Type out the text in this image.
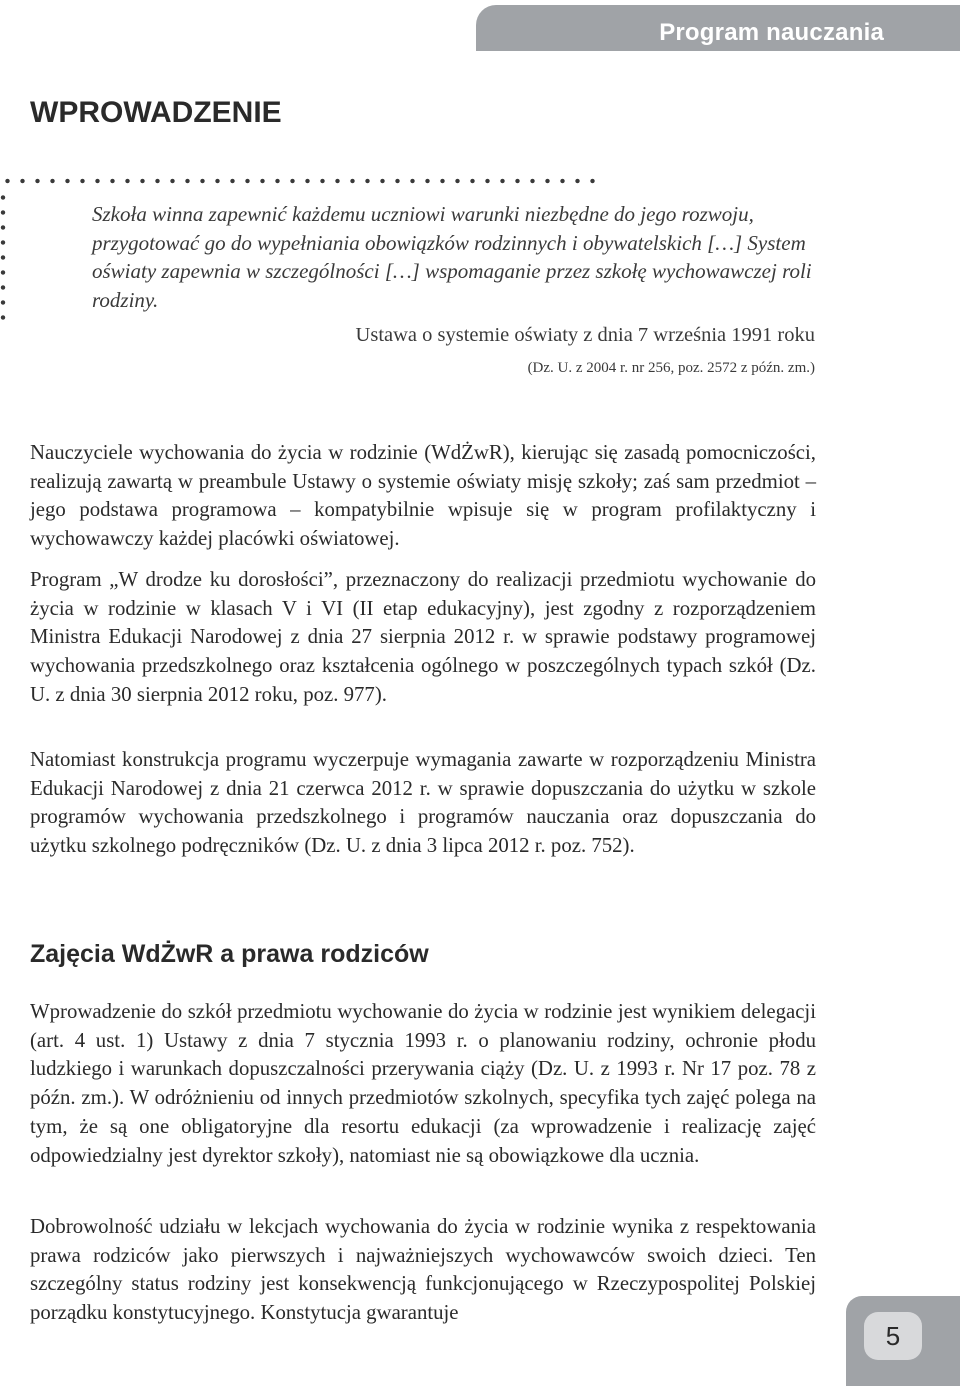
Program nauczania
WPROWADZENIE

Szkoła winna zapewnić każdemu uczniowi warunki niezbędne do jego rozwoju, przygotować go do wypełniania obowiązków rodzinnych i obywatelskich […] System oświaty zapewnia w szczególności […] wspomaganie przez szkołę wychowawczej roli rodziny.

Ustawa o systemie oświaty z dnia 7 września 1991 roku
(Dz. U. z 2004 r. nr 256, poz. 2572 z późn. zm.)

Nauczyciele wychowania do życia w rodzinie (WdŻwR), kierując się zasadą pomocniczości, realizują zawartą w preambule Ustawy o systemie oświaty misję szkoły; zaś sam przedmiot – jego podstawa programowa – kompatybilnie wpisuje się w program profilaktyczny i wychowawczy każdej placówki oświatowej.

Program „W drodze ku dorosłości”, przeznaczony do realizacji przedmiotu wychowanie do życia w rodzinie w klasach V i VI (II etap edukacyjny), jest zgodny z rozporządzeniem Ministra Edukacji Narodowej z dnia 27 sierpnia 2012 r. w sprawie podstawy programowej wychowania przedszkolnego oraz kształcenia ogólnego w poszczególnych typach szkół (Dz. U. z dnia 30 sierpnia 2012 roku, poz. 977).

Natomiast konstrukcja programu wyczerpuje wymagania zawarte w rozporządzeniu Ministra Edukacji Narodowej z dnia 21 czerwca 2012 r. w sprawie dopuszczania do użytku w szkole programów wychowania przedszkolnego i programów nauczania oraz dopuszczania do użytku szkolnego podręczników (Dz. U. z dnia 3 lipca 2012 r. poz. 752).

Zajęcia WdŻwR a prawa rodziców

Wprowadzenie do szkół przedmiotu wychowanie do życia w rodzinie jest wynikiem delegacji (art. 4 ust. 1) Ustawy z dnia 7 stycznia 1993 r. o planowaniu rodziny, ochronie płodu ludzkiego i warunkach dopuszczalności przerywania ciąży (Dz. U. z 1993 r. Nr 17 poz. 78 z późn. zm.). W odróżnieniu od innych przedmiotów szkolnych, specyfika tych zajęć polega na tym, że są one obligatoryjne dla resortu edukacji (za wprowadzenie i realizację zajęć odpowiedzialny jest dyrektor szkoły), natomiast nie są obowiązkowe dla ucznia.

Dobrowolność udziału w lekcjach wychowania do życia w rodzinie wynika z respektowania prawa rodziców jako pierwszych i najważniejszych wychowawców swoich dzieci. Ten szczególny status rodziny jest konsekwencją funkcjonującego w Rzeczypospolitej Polskiej porządku konstytucyjnego. Konstytucja gwarantuje

5
